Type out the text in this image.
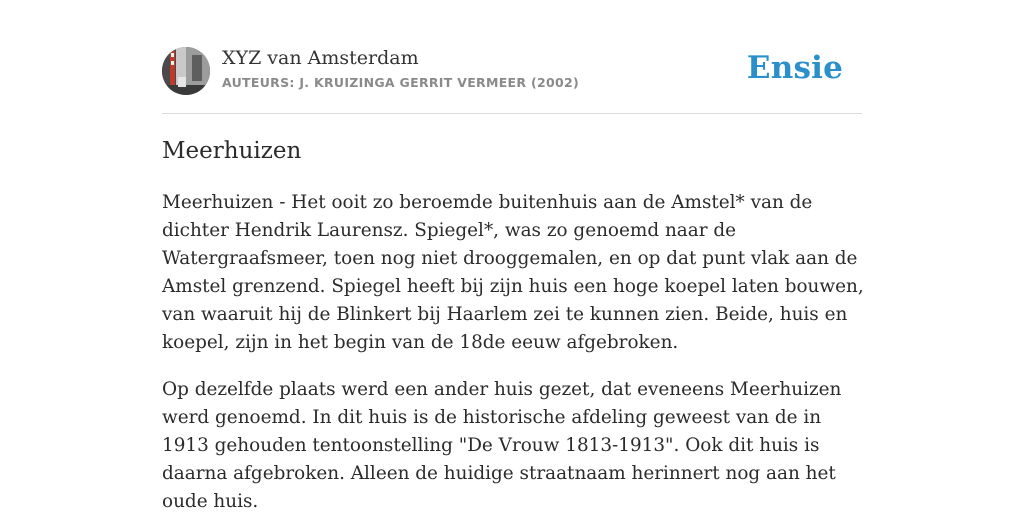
XYZ van Amsterdam
AUTEURS: J. KRUIZINGA GERRIT VERMEER (2002)	Ensie
Meerhuizen

Meerhuizen - Het ooit zo beroemde buitenhuis aan de Amstel* van de dichter Hendrik Laurensz. Spiegel*, was zo genoemd naar de Watergraafsmeer, toen nog niet drooggemalen, en op dat punt vlak aan de Amstel grenzend. Spiegel heeft bij zijn huis een hoge koepel laten bouwen, van waaruit hij de Blinkert bij Haarlem zei te kunnen zien. Beide, huis en koepel, zijn in het begin van de 18de eeuw afgebroken.

Op dezelfde plaats werd een ander huis gezet, dat eveneens Meerhuizen werd genoemd. In dit huis is de historische afdeling geweest van de in 1913 gehouden tentoonstelling "De Vrouw 1813-1913". Ook dit huis is daarna afgebroken. Alleen de huidige straatnaam herinnert nog aan het oude huis.
